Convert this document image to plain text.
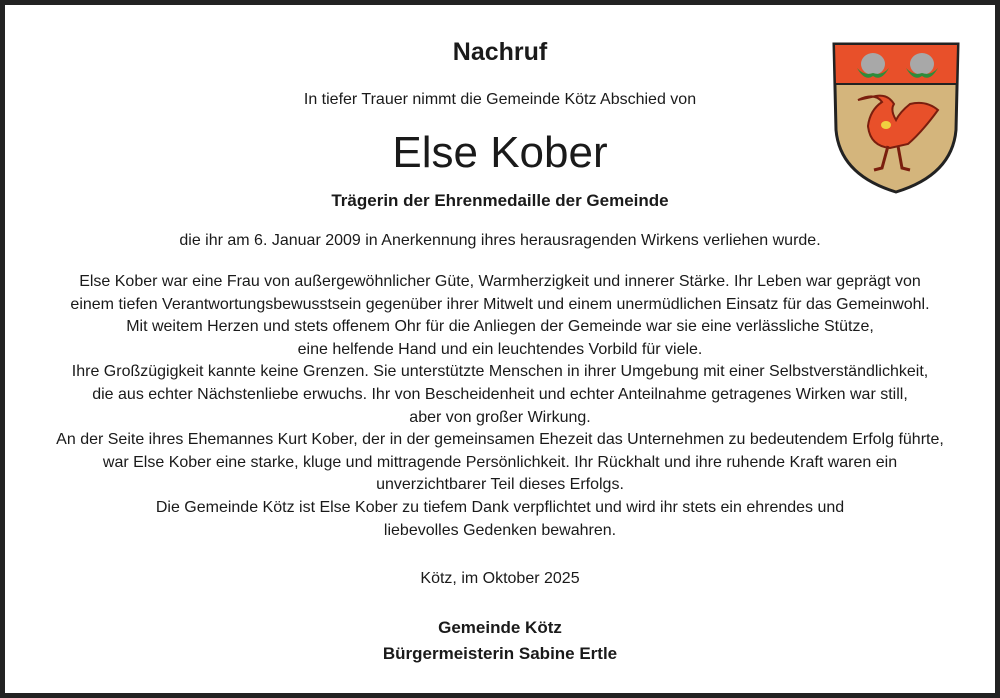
Nachruf
In tiefer Trauer nimmt die Gemeinde Kötz Abschied von
Else Kober
Trägerin der Ehrenmedaille der Gemeinde
die ihr am 6. Januar 2009 in Anerkennung ihres herausragenden Wirkens verliehen wurde.
Else Kober war eine Frau von außergewöhnlicher Güte, Warmherzigkeit und innerer Stärke. Ihr Leben war geprägt von
einem tiefen Verantwortungsbewusstsein gegenüber ihrer Mitwelt und einem unermüdlichen Einsatz für das Gemeinwohl.
Mit weitem Herzen und stets offenem Ohr für die Anliegen der Gemeinde war sie eine verlässliche Stütze,
eine helfende Hand und ein leuchtendes Vorbild für viele.
Ihre Großzügigkeit kannte keine Grenzen. Sie unterstützte Menschen in ihrer Umgebung mit einer Selbstverständlichkeit,
die aus echter Nächstenliebe erwuchs. Ihr von Bescheidenheit und echter Anteilnahme getragenes Wirken war still,
aber von großer Wirkung.
An der Seite ihres Ehemannes Kurt Kober, der in der gemeinsamen Ehezeit das Unternehmen zu bedeutendem Erfolg führte,
war Else Kober eine starke, kluge und mittragende Persönlichkeit. Ihr Rückhalt und ihre ruhende Kraft waren ein
unverzichtbarer Teil dieses Erfolgs.
Die Gemeinde Kötz ist Else Kober zu tiefem Dank verpflichtet und wird ihr stets ein ehrendes und
liebevolles Gedenken bewahren.
Kötz, im Oktober 2025
Gemeinde Kötz
Bürgermeisterin Sabine Ertle
